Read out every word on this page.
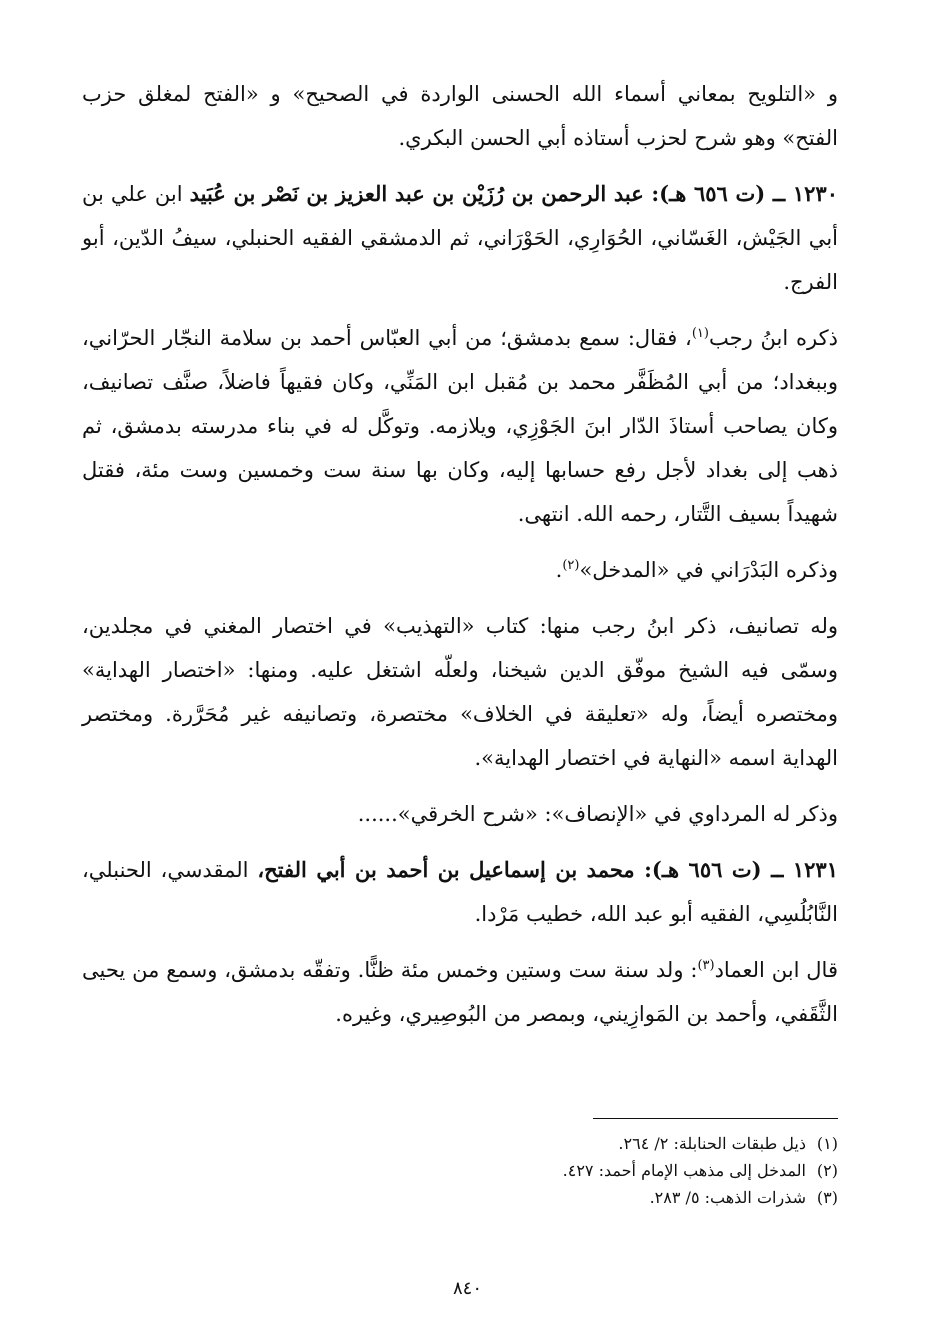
و «التلويح بمعاني أسماء الله الحسنى الواردة في الصحيح» و «الفتح لمغلق حزب الفتح» وهو شرح لحزب أستاذه أبي الحسن البكري.

١٢٣٠ ــ (ت ٦٥٦ هـ): عبد الرحمن بن رُزَيْن بن عبد العزيز بن نَصْر بن عُبَيد ابن علي بن أبي الجَيْش، الغَسّاني، الحُوَارِي، الحَوْرَاني، ثم الدمشقي الفقيه الحنبلي، سيفُ الدّين، أبو الفرج.

ذكره ابنُ رجب$^{(١)}$، فقال: سمع بدمشق؛ من أبي العبّاس أحمد بن سلامة النجّار الحرّاني، وببغداد؛ من أبي المُظَفَّر محمد بن مُقبل ابن المَنِّي، وكان فقيهاً فاضلاً، صنَّف تصانيف، وكان يصاحب أستاذَ الدّار ابنَ الجَوْزِي، ويلازمه. وتوكَّل له في بناء مدرسته بدمشق، ثم ذهب إلى بغداد لأجل رفع حسابها إليه، وكان بها سنة ست وخمسين وست مئة، فقتل شهيداً بسيف التَّتار، رحمه الله. انتهى.

وذكره البَدْرَاني في «المدخل»$^{(٢)}$.

وله تصانيف، ذكر ابنُ رجب منها: كتاب «التهذيب» في اختصار المغني في مجلدين، وسمّى فيه الشيخ موفّق الدين شيخنا، ولعلّه اشتغل عليه. ومنها: «اختصار الهداية» ومختصره أيضاً، وله «تعليقة في الخلاف» مختصرة، وتصانيفه غير مُحَرَّرة. ومختصر الهداية اسمه «النهاية في اختصار الهداية».

وذكر له المرداوي في «الإنصاف»: «شرح الخرقي»......

١٢٣١ ــ (ت ٦٥٦ هـ): محمد بن إسماعيل بن أحمد بن أبي الفتح، المقدسي، الحنبلي، النَّابُلُسِي، الفقيه أبو عبد الله، خطيب مَرْدا.

قال ابن العماد$^{(٣)}$: ولد سنة ست وستين وخمس مئة ظنًّا. وتفقّه بدمشق، وسمع من يحيى الثَّقَفي، وأحمد بن المَوازِيني، وبمصر من البُوصِيري، وغيره.

(١)ذيل طبقات الحنابلة: ٢/ ٢٦٤.
(٢)المدخل إلى مذهب الإمام أحمد: ٤٢٧.
(٣)شذرات الذهب: ٥/ ٢٨٣.
٨٤٠
